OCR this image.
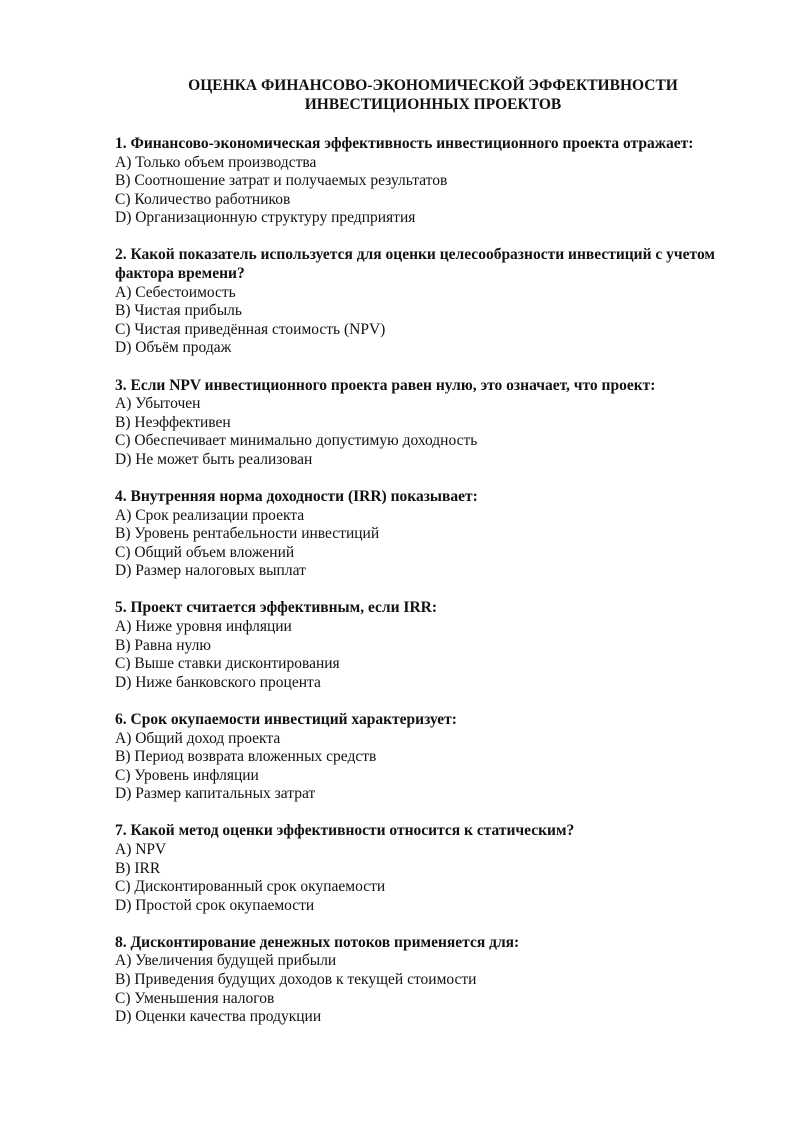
ОЦЕНКА ФИНАНСОВО-ЭКОНОМИЧЕСКОЙ ЭФФЕКТИВНОСТИ
ИНВЕСТИЦИОННЫХ ПРОЕКТОВ

1. Финансово-экономическая эффективность инвестиционного проекта отражает:

A) Только объем производства

B) Соотношение затрат и получаемых результатов

C) Количество работников

D) Организационную структуру предприятия

2. Какой показатель используется для оценки целесообразности инвестиций с учетом фактора времени?

A) Себестоимость

B) Чистая прибыль

C) Чистая приведённая стоимость (NPV)

D) Объём продаж

3. Если NPV инвестиционного проекта равен нулю, это означает, что проект:

A) Убыточен

B) Неэффективен

C) Обеспечивает минимально допустимую доходность

D) Не может быть реализован

4. Внутренняя норма доходности (IRR) показывает:

A) Срок реализации проекта

B) Уровень рентабельности инвестиций

C) Общий объем вложений

D) Размер налоговых выплат

5. Проект считается эффективным, если IRR:

A) Ниже уровня инфляции

B) Равна нулю

C) Выше ставки дисконтирования

D) Ниже банковского процента

6. Срок окупаемости инвестиций характеризует:

A) Общий доход проекта

B) Период возврата вложенных средств

C) Уровень инфляции

D) Размер капитальных затрат

7. Какой метод оценки эффективности относится к статическим?

A) NPV

B) IRR

C) Дисконтированный срок окупаемости

D) Простой срок окупаемости

8. Дисконтирование денежных потоков применяется для:

A) Увеличения будущей прибыли

B) Приведения будущих доходов к текущей стоимости

C) Уменьшения налогов

D) Оценки качества продукции
